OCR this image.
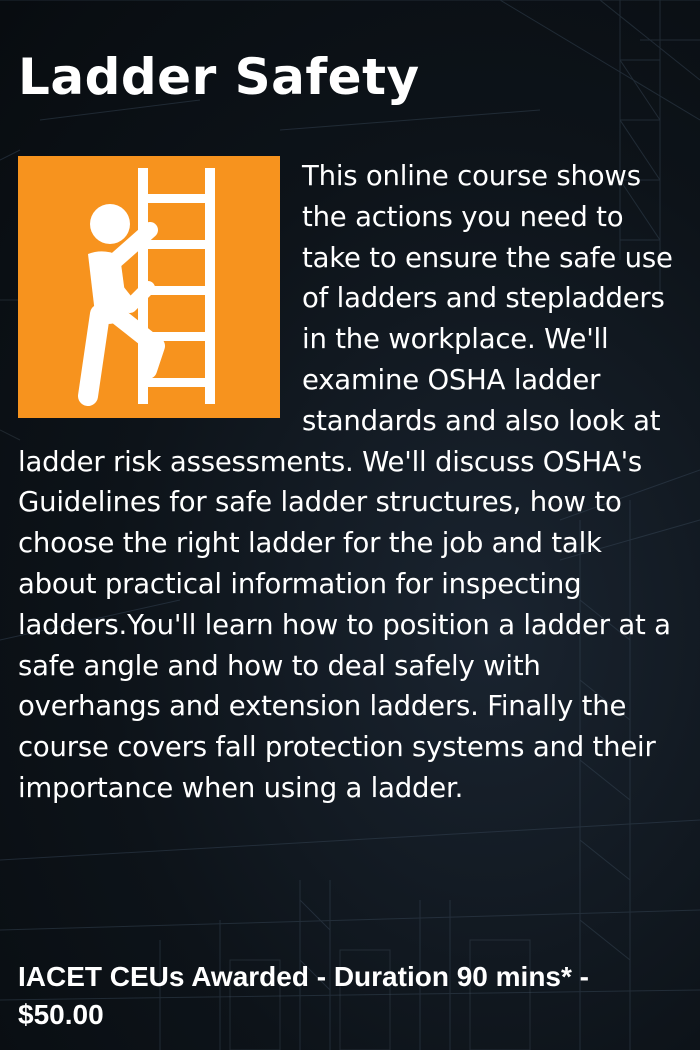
Ladder Safety

This online course shows the actions you need to take to ensure the safe use of ladders and stepladders in the workplace. We'll examine OSHA ladder standards and also look at ladder risk assessments. We'll discuss OSHA's Guidelines for safe ladder structures, how to choose the right ladder for the job and talk about practical information for inspecting ladders.You'll learn how to position a ladder at a safe angle and how to deal safely with overhangs and extension ladders. Finally the course covers fall protection systems and their importance when using a ladder.

IACET CEUs Awarded - Duration 90 mins* - $50.00
